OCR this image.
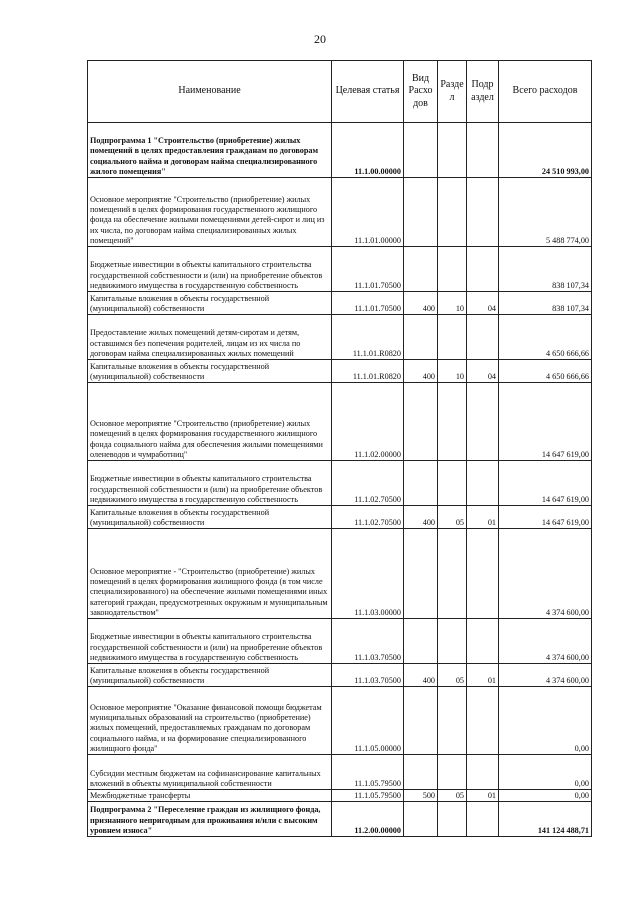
20
Наименование	Целевая статья	Вид Расхо дов	Разде л	Подр аздел	Всего расходов
Подпрограмма 1 "Строительство (приобретение) жилых помещений в целях предоставления гражданам по договорам социального найма и договорам найма специализированного жилого помещения"	11.1.00.00000				24 510 993,00
Основное мероприятие "Строительство (приобретение) жилых помещений в целях формирования государственного жилищного фонда на обеспечение жилыми помещениями детей-сирот и лиц из их числа, по договорам найма специализированных жилых помещений"	11.1.01.00000				5 488 774,00
Бюджетные инвестиции в объекты капитального строительства государственной собственности и (или) на приобретение объектов недвижимого имущества в государственную собственность	11.1.01.70500				838 107,34
Капитальные вложения в объекты государственной (муниципальной) собственности	11.1.01.70500	400	10	04	838 107,34
Предоставление жилых помещений детям-сиротам и детям, оставшимся без попечения родителей, лицам из их числа по договорам найма специализированных жилых помещений	11.1.01.R0820				4 650 666,66
Капитальные вложения в объекты государственной (муниципальной) собственности	11.1.01.R0820	400	10	04	4 650 666,66
Основное мероприятие "Строительство (приобретение) жилых помещений в целях формирования государственного жилищного фонда социального найма для обеспечения жилыми помещениями оленеводов и чумработниц"	11.1.02.00000				14 647 619,00
Бюджетные инвестиции в объекты капитального строительства государственной собственности и (или) на приобретение объектов недвижимого имущества в государственную собственность	11.1.02.70500				14 647 619,00
Капитальные вложения в объекты государственной (муниципальной) собственности	11.1.02.70500	400	05	01	14 647 619,00
Основное мероприятие - "Строительство (приобретение) жилых помещений в целях формирования жилищного фонда (в том числе специализированного) на обеспечение жилыми помещениями иных категорий граждан, предусмотренных окружным и муниципальным законодательством"	11.1.03.00000				4 374 600,00
Бюджетные инвестиции в объекты капитального строительства государственной собственности и (или) на приобретение объектов недвижимого имущества в государственную собственность	11.1.03.70500				4 374 600,00
Капитальные вложения в объекты государственной (муниципальной) собственности	11.1.03.70500	400	05	01	4 374 600,00
Основное мероприятие "Оказание финансовой помощи бюджетам муниципальных образований на строительство (приобретение) жилых помещений, предоставляемых гражданам по договорам социального найма, и на формирование специализированного жилищного фонда"	11.1.05.00000				0,00
Субсидии местным бюджетам на софинансирование капитальных вложений в объекты муниципальной собственности	11.1.05.79500				0,00
Межбюджетные трансферты	11.1.05.79500	500	05	01	0,00
Подпрограмма 2 "Переселение граждан из жилищного фонда, признанного непригодным для проживания и/или с высоким уровнем износа"	11.2.00.00000				141 124 488,71
